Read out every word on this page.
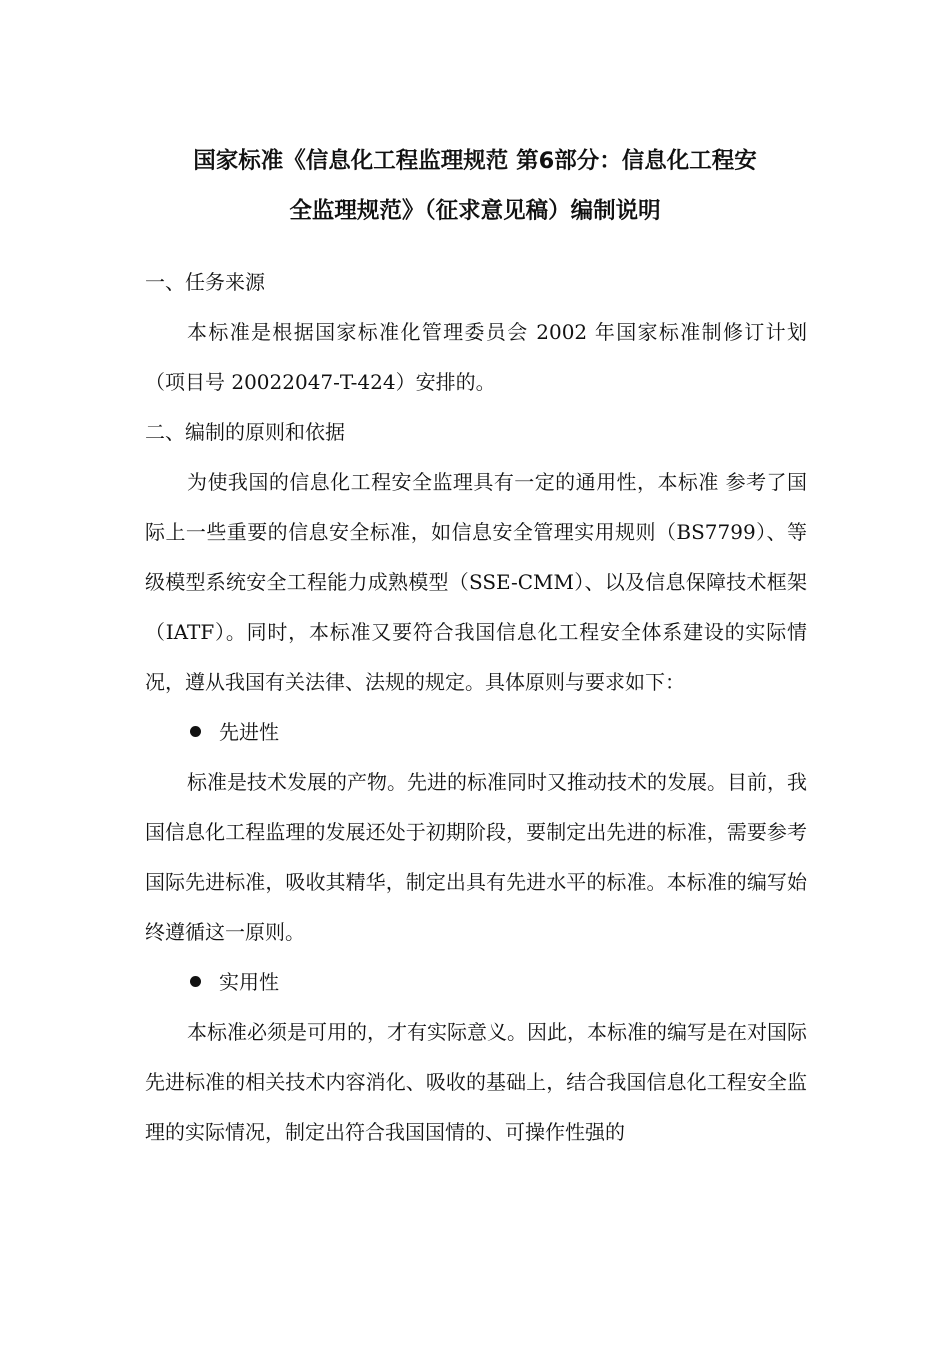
国家标准《信息化工程监理规范 第6部分：信息化工程安
全监理规范》（征求意见稿）编制说明

一、任务来源

本标准是根据国家标准化管理委员会 2002 年国家标准制修订计划（项目号 20022047-T-424）安排的。

二、编制的原则和依据

为使我国的信息化工程安全监理具有一定的通用性，本标准 参考了国际上一些重要的信息安全标准，如信息安全管理实用规则（BS7799）、等级模型系统安全工程能力成熟模型（SSE-CMM）、以及信息保障技术框架（IATF）。同时，本标准又要符合我国信息化工程安全体系建设的实际情况，遵从我国有关法律、法规的规定。具体原则与要求如下：

先进性

标准是技术发展的产物。先进的标准同时又推动技术的发展。目前，我国信息化工程监理的发展还处于初期阶段，要制定出先进的标准，需要参考国际先进标准，吸收其精华，制定出具有先进水平的标准。本标准的编写始终遵循这一原则。

实用性

本标准必须是可用的，才有实际意义。因此，本标准的编写是在对国际先进标准的相关技术内容消化、吸收的基础上，结合我国信息化工程安全监理的实际情况，制定出符合我国国情的、可操作性强的
